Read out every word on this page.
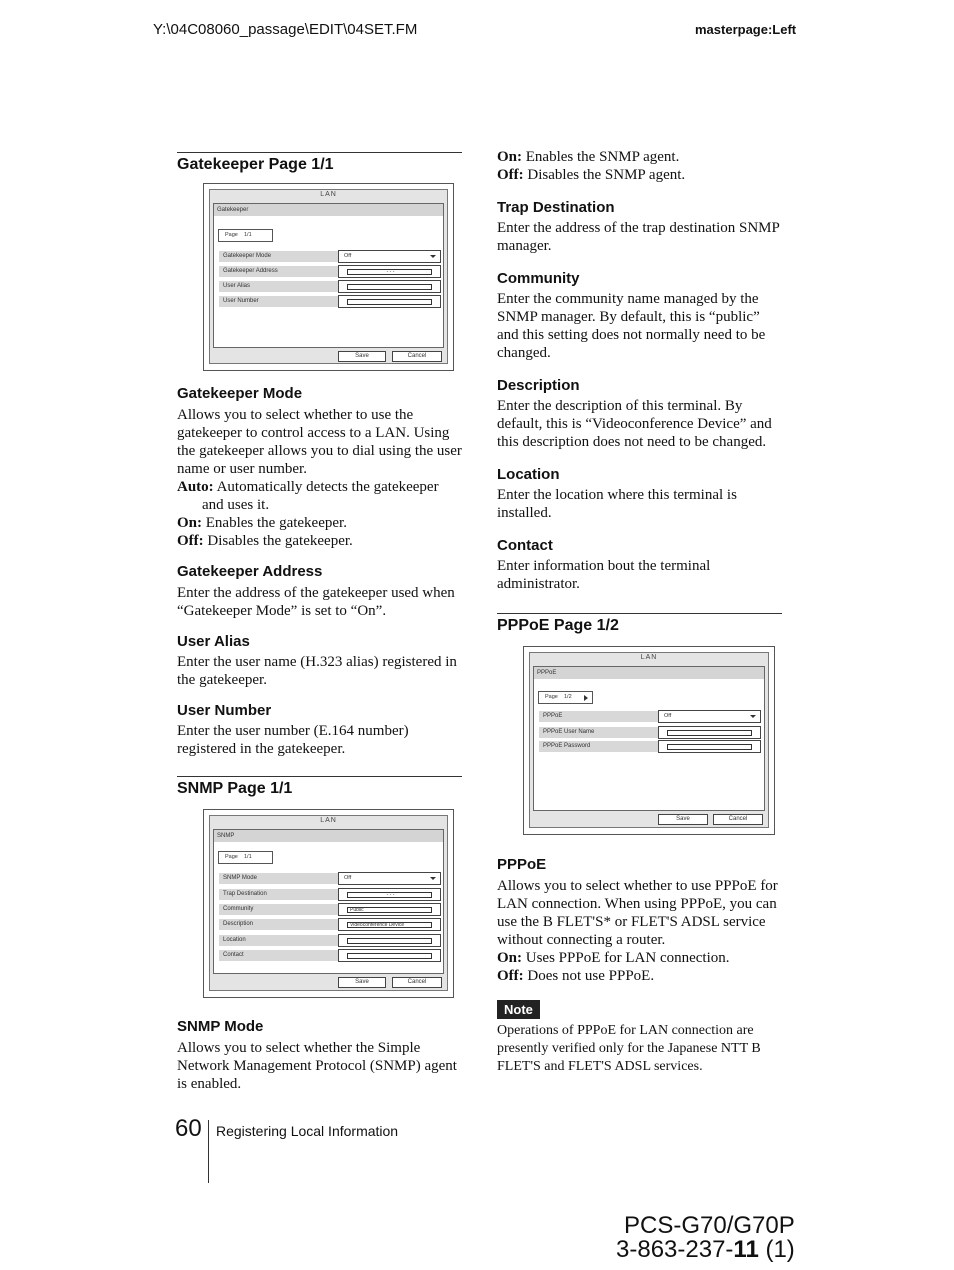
Y:\04C08060_passage\EDIT\04SET.FM	masterpage:Left
Gatekeeper Page 1/1
LAN
Gatekeeper
Page 1/1
Gatekeeper Mode	Off
Gatekeeper Address	- - -
User Alias
User Number
Save	Cancel
Gatekeeper Mode
Allows you to select whether to use the gatekeeper to control access to a LAN. Using the gatekeeper allows you to dial using the user name or user number.
Auto: Automatically detects the gatekeeper and uses it.
On: Enables the gatekeeper.
Off: Disables the gatekeeper.
Gatekeeper Address
Enter the address of the gatekeeper used when “Gatekeeper Mode” is set to “On”.
User Alias
Enter the user name (H.323 alias) registered in the gatekeeper.
User Number
Enter the user number (E.164 number) registered in the gatekeeper.
SNMP Page 1/1
LAN
SNMP
Page 1/1
SNMP Mode	Off
Trap Destination	- - -
Community	Public
Description	Videoconference Device
Location
Contact
Save	Cancel
SNMP Mode
Allows you to select whether the Simple Network Management Protocol (SNMP) agent is enabled.
On: Enables the SNMP agent.
Off: Disables the SNMP agent.
Trap Destination
Enter the address of the trap destination SNMP manager.
Community
Enter the community name managed by the SNMP manager. By default, this is “public” and this setting does not normally need to be changed.
Description
Enter the description of this terminal. By default, this is “Videoconference Device” and this description does not need to be changed.
Location
Enter the location where this terminal is installed.
Contact
Enter information bout the terminal administrator.
PPPoE Page 1/2
LAN
PPPoE
Page 1/2
PPPoE	Off
PPPoE User Name
PPPoE Password
Save	Cancel
PPPoE
Allows you to select whether to use PPPoE for LAN connection. When using PPPoE, you can use the B FLET'S* or FLET'S ADSL service without connecting a router.
On: Uses PPPoE for LAN connection.
Off: Does not use PPPoE.
Note
Operations of PPPoE for LAN connection are presently verified only for the Japanese NTT B FLET'S and FLET'S ADSL services.
60 Registering Local Information
PCS-G70/G70P
3-863-237-11 (1)
